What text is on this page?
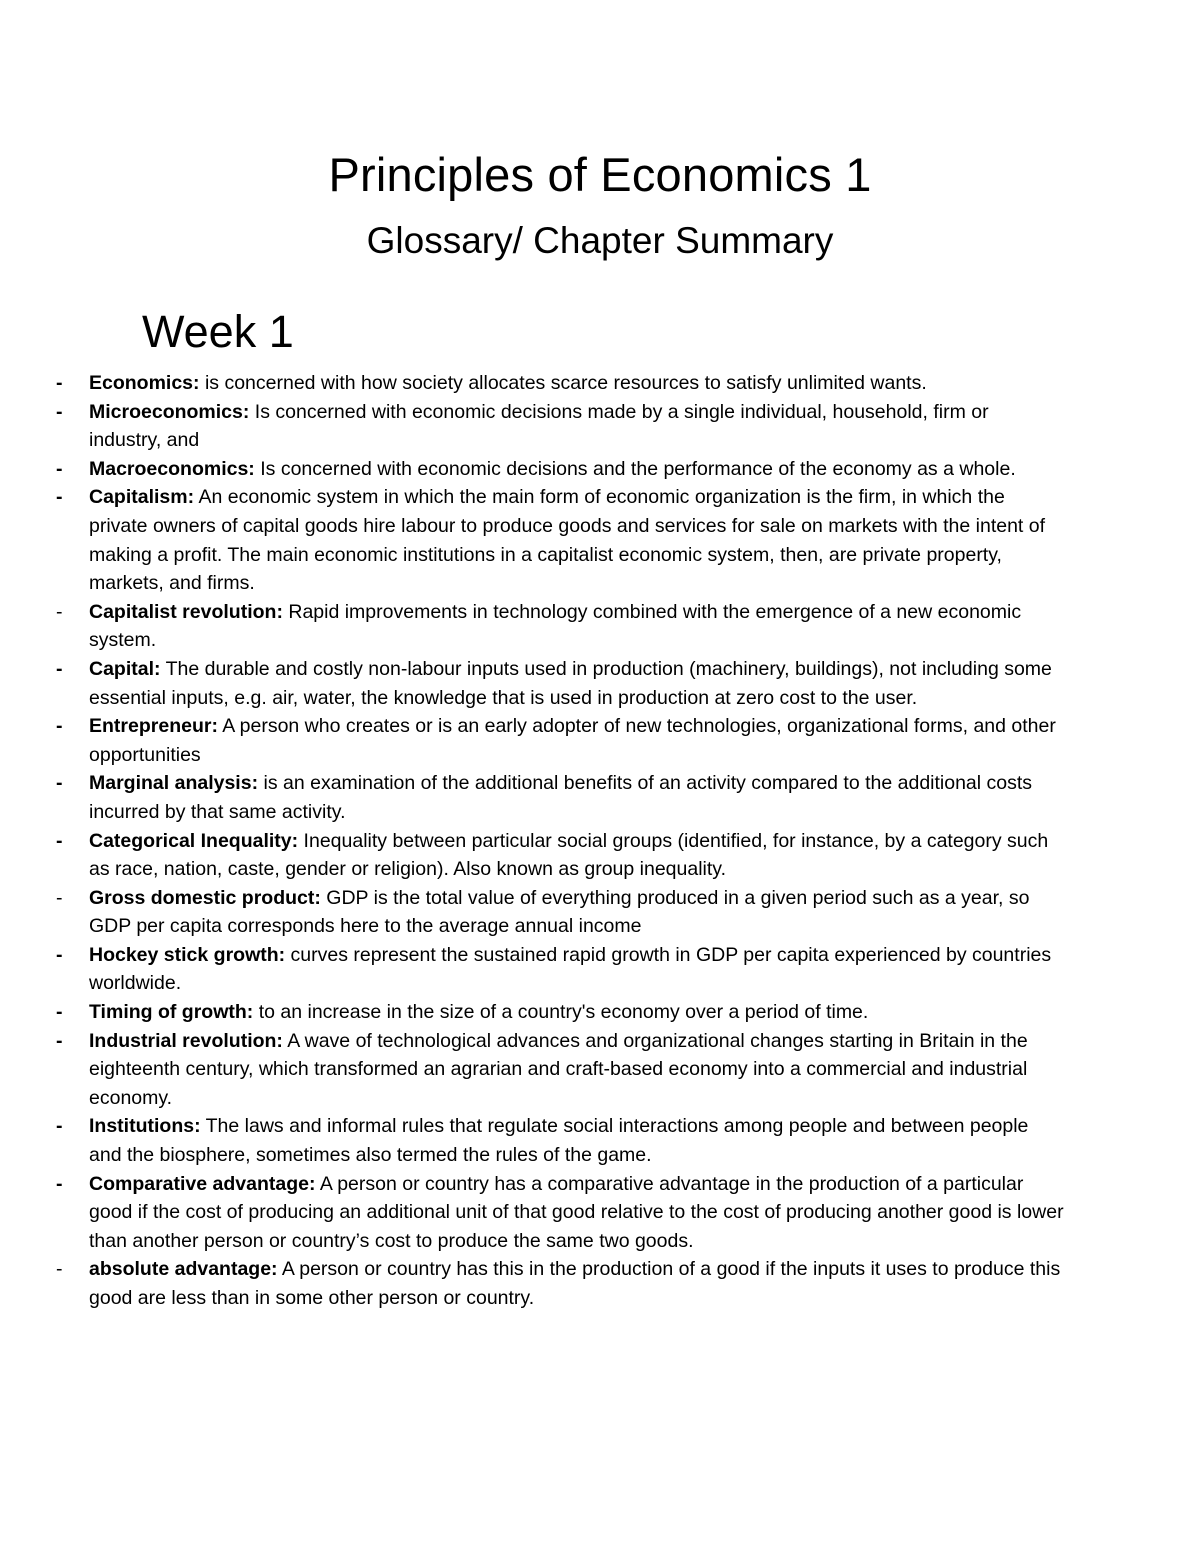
Principles of Economics 1
Glossary/ Chapter Summary
Week 1
-	Economics: is concerned with how society allocates scarce resources to satisfy unlimited wants.
-	Microeconomics: Is concerned with economic decisions made by a single individual, household, firm or industry, and
-	Macroeconomics: Is concerned with economic decisions and the performance of the economy as a whole.
-	Capitalism: An economic system in which the main form of economic organization is the firm, in which the private owners of capital goods hire labour to produce goods and services for sale on markets with the intent of making a profit. The main economic institutions in a capitalist economic system, then, are private property, markets, and firms.
-	Capitalist revolution: Rapid improvements in technology combined with the emergence of a new economic system.
-	Capital: The durable and costly non-labour inputs used in production (machinery, buildings), not including some essential inputs, e.g. air, water, the knowledge that is used in production at zero cost to the user.
-	Entrepreneur: A person who creates or is an early adopter of new technologies, organizational forms, and other opportunities
-	Marginal analysis: is an examination of the additional benefits of an activity compared to the additional costs incurred by that same activity.
-	Categorical Inequality: Inequality between particular social groups (identified, for instance, by a category such as race, nation, caste, gender or religion). Also known as group inequality.
-	Gross domestic product: GDP is the total value of everything produced in a given period such as a year, so GDP per capita corresponds here to the average annual income
-	Hockey stick growth: curves represent the sustained rapid growth in GDP per capita experienced by countries worldwide.
-	Timing of growth: to an increase in the size of a country's economy over a period of time.
-	Industrial revolution: A wave of technological advances and organizational changes starting in Britain in the eighteenth century, which transformed an agrarian and craft-based economy into a commercial and industrial economy.
-	Institutions: The laws and informal rules that regulate social interactions among people and between people and the biosphere, sometimes also termed the rules of the game.
-	Comparative advantage: A person or country has a comparative advantage in the production of a particular good if the cost of producing an additional unit of that good relative to the cost of producing another good is lower than another person or country’s cost to produce the same two goods.
-	absolute advantage: A person or country has this in the production of a good if the inputs it uses to produce this good are less than in some other person or country.
